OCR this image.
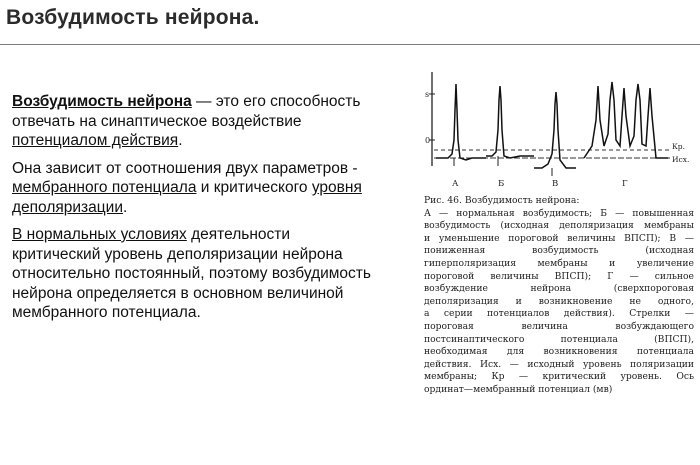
Возбудимость нейрона.

Возбудимость нейрона — это его способность отвечать на синаптическое воздействие потенциалом действия.

Она зависит от соотношения двух параметров - мембранного потенциала и критического уровня деполяризации.

В нормальных условиях деятельности критический уровень деполяризации нейрона относительно постоянный, поэтому возбудимость нейрона определяется в основном величиной мембранного потенциала.

s
0
Кр.
Исх.
А	Б	В	Г
Рис. 46. Возбудимость нейрона:
А — нормальная возбудимость; Б — повышенная
возбудимость (исходная деполяризация мембраны
и уменьшение пороговой величины ВПСП); В —
пониженная возбудимость (исходная
гиперполяризация мембраны и увеличение
пороговой величины ВПСП); Г — сильное
возбуждение нейрона (сверхпороговая
деполяризация и возникновение не одного,
а серии потенциалов действия). Стрелки —
пороговая величина возбуждающего
постсинаптического потенциала (ВПСП),
необходимая для возникновения потенциала
действия. Исх. — исходный уровень поляризации
мембраны; Кр — критический уровень. Ось
ординат—мембранный потенциал (мв)
